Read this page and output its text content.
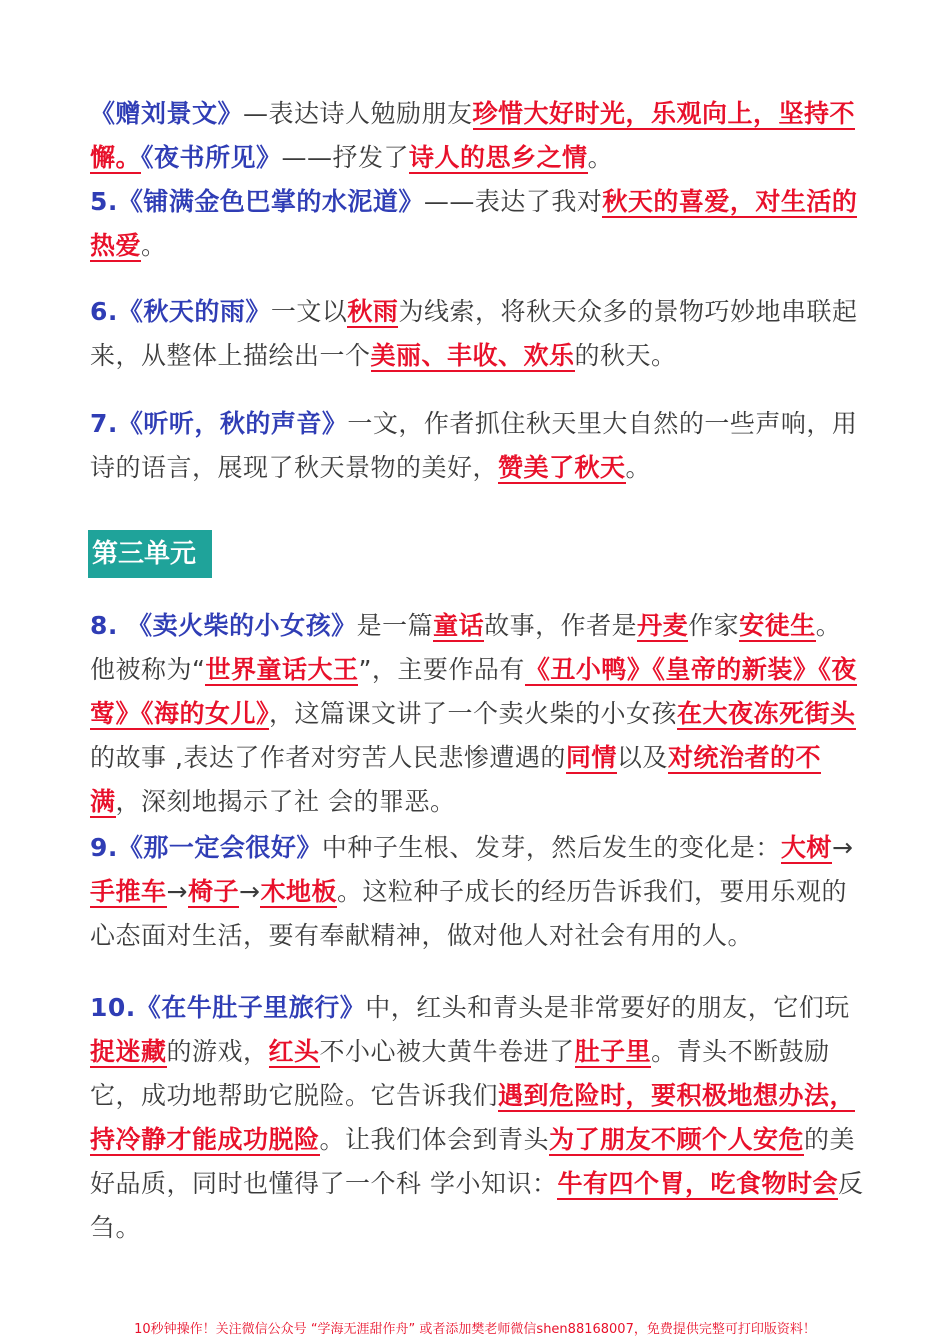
《赠刘景文》—表达诗人勉励朋友珍惜大好时光，乐观向上，坚持不懈。《夜书所见》——抒发了诗人的思乡之情。

5.《铺满金色巴掌的水泥道》——表达了我对秋天的喜爱，对生活的热爱。

6.《秋天的雨》一文以秋雨为线索，将秋天众多的景物巧妙地串联起来，从整体上描绘出一个美丽、丰收、欢乐的秋天。

7.《听听，秋的声音》一文，作者抓住秋天里大自然的一些声响，用诗的语言，展现了秋天景物的美好，赞美了秋天。

第三单元

8. 《卖火柴的小女孩》是一篇童话故事，作者是丹麦作家安徒生。他被称为“世界童话大王”，主要作品有《丑小鸭》《皇帝的新装》《夜莺》《海的女儿》，这篇课文讲了一个卖火柴的小女孩在大夜冻死街头的故事 ,表达了作者对穷苦人民悲惨遭遇的同情以及对统治者的不满，深刻地揭示了社 会的罪恶。

9.《那一定会很好》中种子生根、发芽，然后发生的变化是：大树→手推车→椅子→木地板。这粒种子成长的经历告诉我们，要用乐观的心态面对生活，要有奉献精神，做对他人对社会有用的人。

10.《在牛肚子里旅行》中，红头和青头是非常要好的朋友，它们玩捉迷藏的游戏，红头不小心被大黄牛卷进了肚子里。青头不断鼓励它，成功地帮助它脱险。它告诉我们遇到危险时，要积极地想办法，持冷静才能成功脱险。让我们体会到青头为了朋友不顾个人安危的美好品质，同时也懂得了一个科 学小知识：牛有四个胃，吃食物时会反刍。

10秒钟操作！关注微信公众号 “学海无涯甜作舟” 或者添加樊老师微信shen88168007，免费提供完整可打印版资料！
